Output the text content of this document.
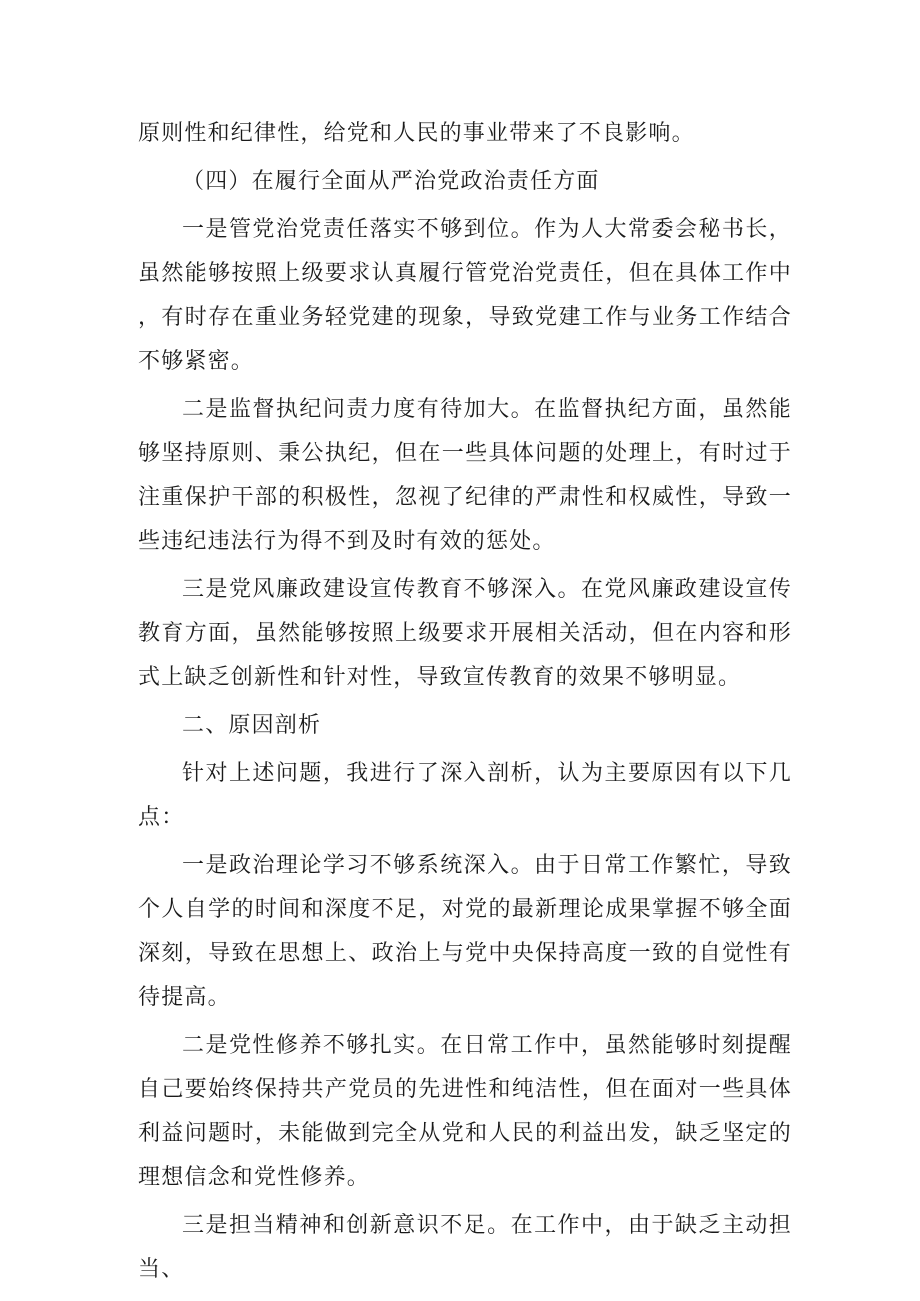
原则性和纪律性，给党和人民的事业带来了不良影响。

（四）在履行全面从严治党政治责任方面

一是管党治党责任落实不够到位。作为人大常委会秘书长，虽然能够按照上级要求认真履行管党治党责任，但在具体工作中，有时存在重业务轻党建的现象，导致党建工作与业务工作结合不够紧密。

二是监督执纪问责力度有待加大。在监督执纪方面，虽然能够坚持原则、秉公执纪，但在一些具体问题的处理上，有时过于注重保护干部的积极性，忽视了纪律的严肃性和权威性，导致一些违纪违法行为得不到及时有效的惩处。

三是党风廉政建设宣传教育不够深入。在党风廉政建设宣传教育方面，虽然能够按照上级要求开展相关活动，但在内容和形式上缺乏创新性和针对性，导致宣传教育的效果不够明显。

二、原因剖析

针对上述问题，我进行了深入剖析，认为主要原因有以下几点：

一是政治理论学习不够系统深入。由于日常工作繁忙，导致个人自学的时间和深度不足，对党的最新理论成果掌握不够全面深刻，导致在思想上、政治上与党中央保持高度一致的自觉性有待提高。

二是党性修养不够扎实。在日常工作中，虽然能够时刻提醒自己要始终保持共产党员的先进性和纯洁性，但在面对一些具体利益问题时，未能做到完全从党和人民的利益出发，缺乏坚定的理想信念和党性修养。

三是担当精神和创新意识不足。在工作中，由于缺乏主动担当、
